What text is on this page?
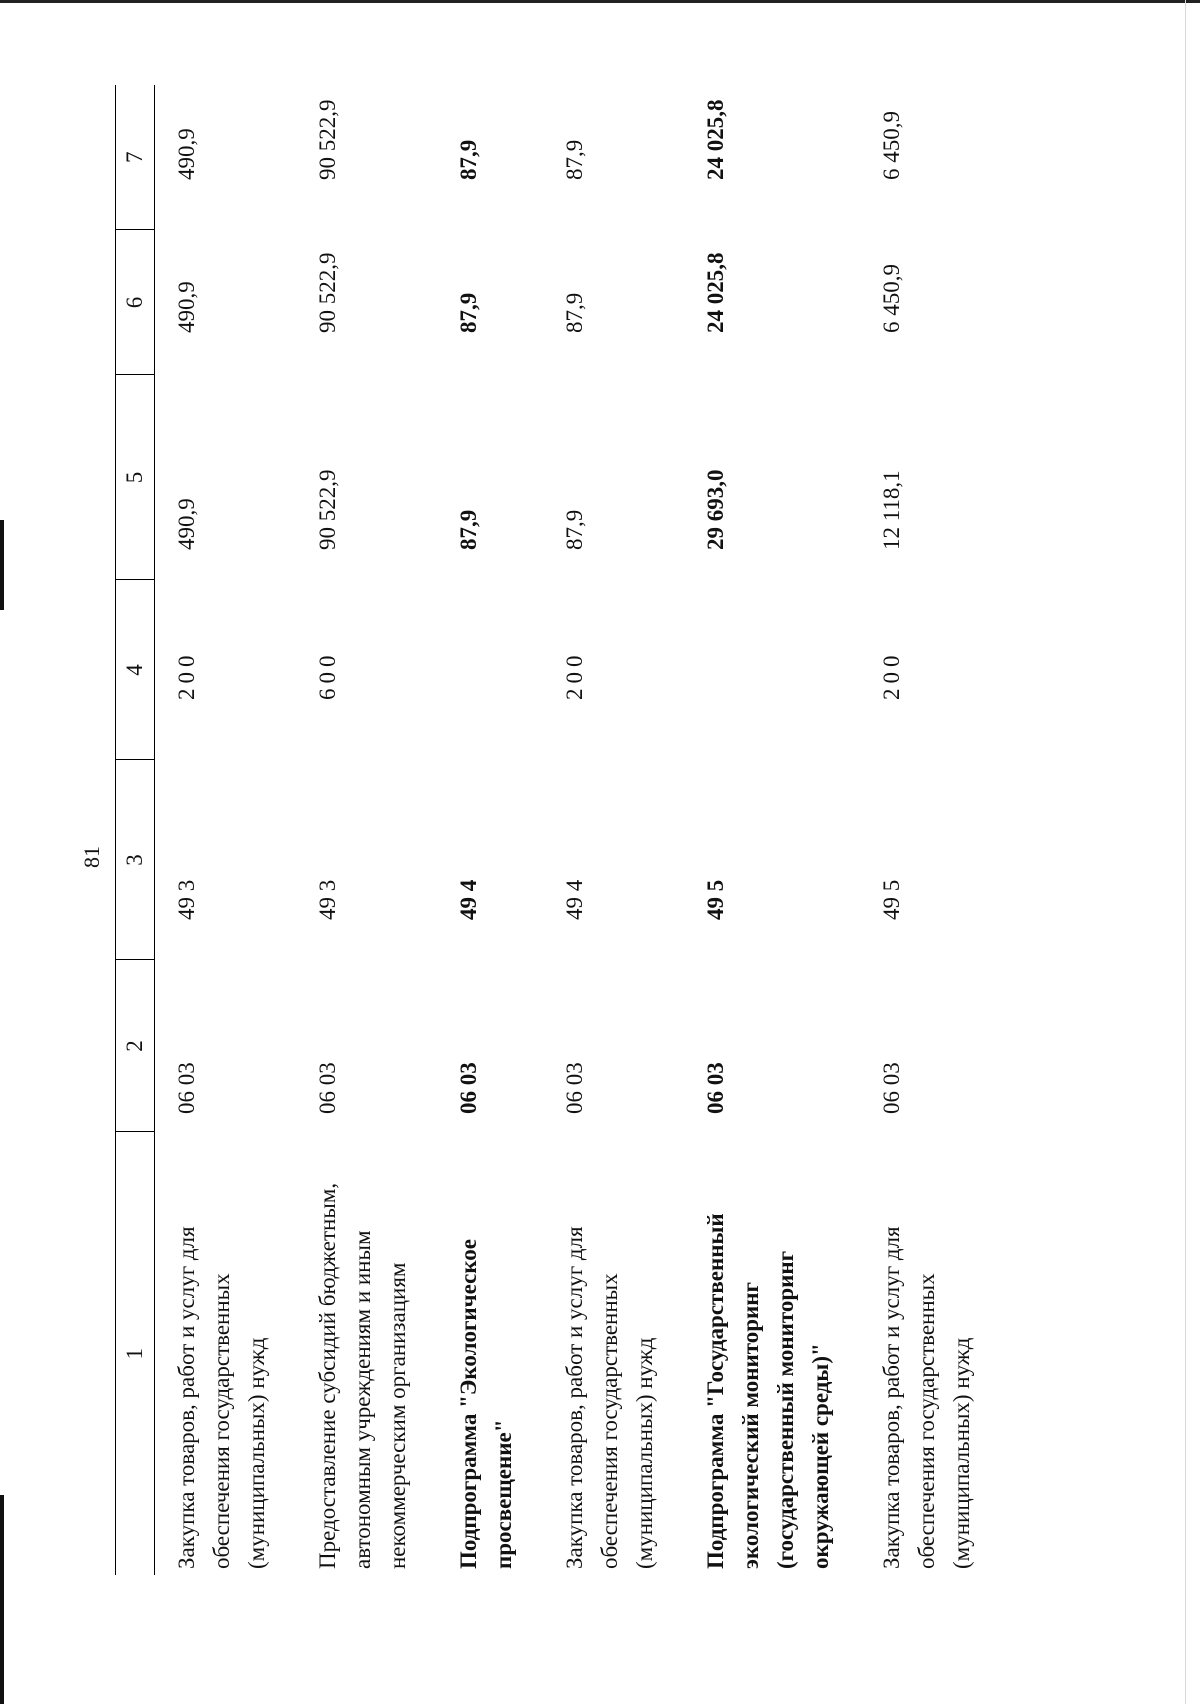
81
1	2	3	4	5	6	7
Закупка товаров, работ и услуг для обеспечения государственных (муниципальных) нужд	06 03	49 3	200	490,9	490,9	490,9
Предоставление субсидий бюджетным, автономным учреждениям и иным некоммерческим организациям	06 03	49 3	600	90 522,9	90 522,9	90 522,9
Подпрограмма "Экологическое просвещение"	06 03	49 4		87,9	87,9	87,9
Закупка товаров, работ и услуг для обеспечения государственных (муниципальных) нужд	06 03	49 4	200	87,9	87,9	87,9
Подпрограмма "Государственный экологический мониторинг (государственный мониторинг окружающей среды)"	06 03	49 5		29 693,0	24 025,8	24 025,8
Закупка товаров, работ и услуг для обеспечения государственных (муниципальных) нужд	06 03	49 5	200	12 118,1	6 450,9	6 450,9
